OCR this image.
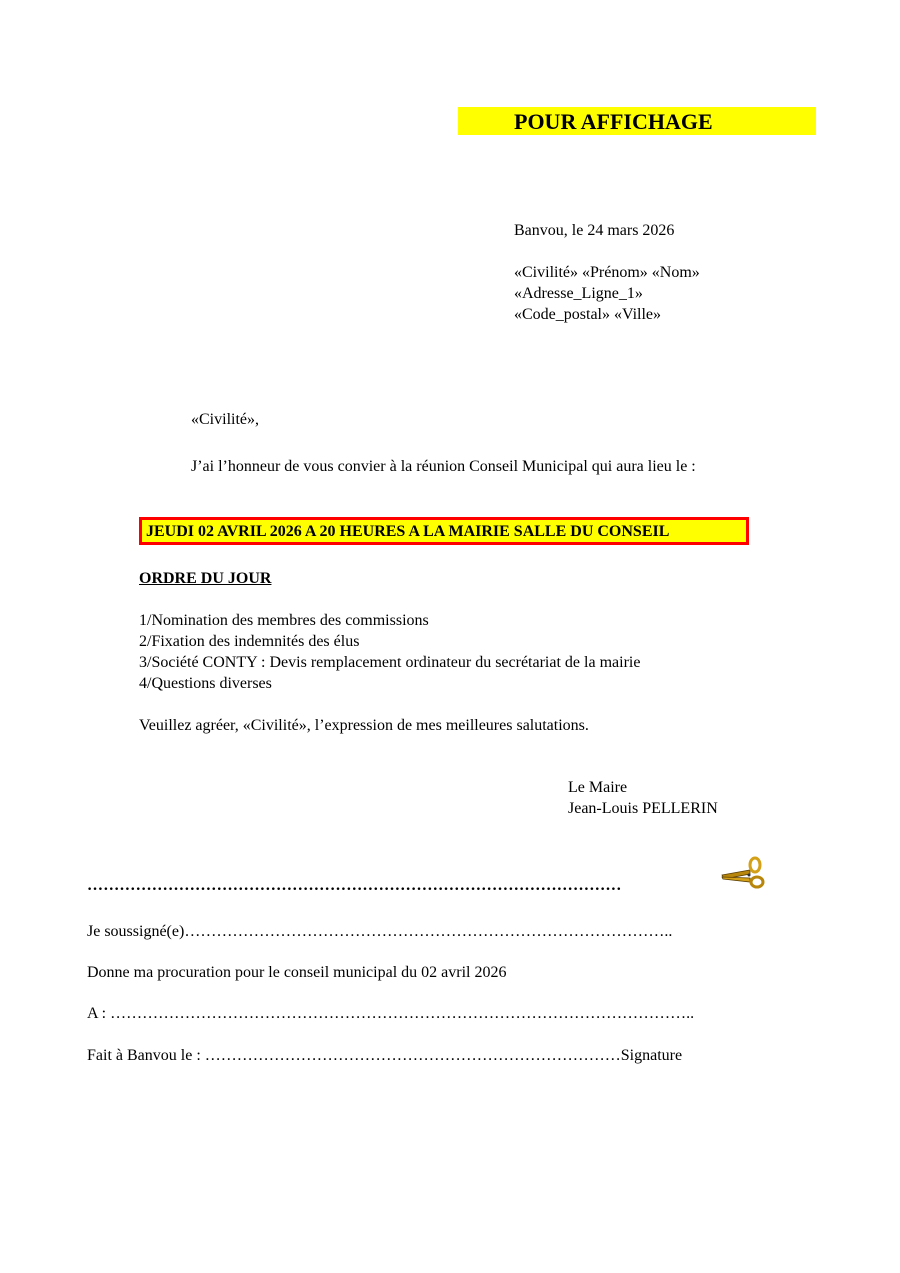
POUR AFFICHAGE
Banvou, le 24 mars 2026
«Civilité» «Prénom» «Nom»
«Adresse_Ligne_1»
«Code_postal» «Ville»
«Civilité»,
J’ai l’honneur de vous convier à la réunion Conseil Municipal qui aura lieu le :
JEUDI 02 AVRIL 2026 A 20 HEURES A LA MAIRIE SALLE DU CONSEIL
ORDRE DU JOUR
1/Nomination des membres des commissions
2/Fixation des indemnités des élus
3/Société CONTY : Devis remplacement ordinateur du secrétariat de la mairie
4/Questions diverses
Veuillez agréer, «Civilité», l’expression de mes meilleures salutations.
Le Maire
Jean-Louis PELLERIN
………………………………………………………………………………………
Je soussigné(e)………………………………………………………………………………..
Donne ma procuration pour le conseil municipal du 02 avril 2026
A : ………………………………………………………………………………………………..
Fait à Banvou le : ……………………………………………………………………Signature
